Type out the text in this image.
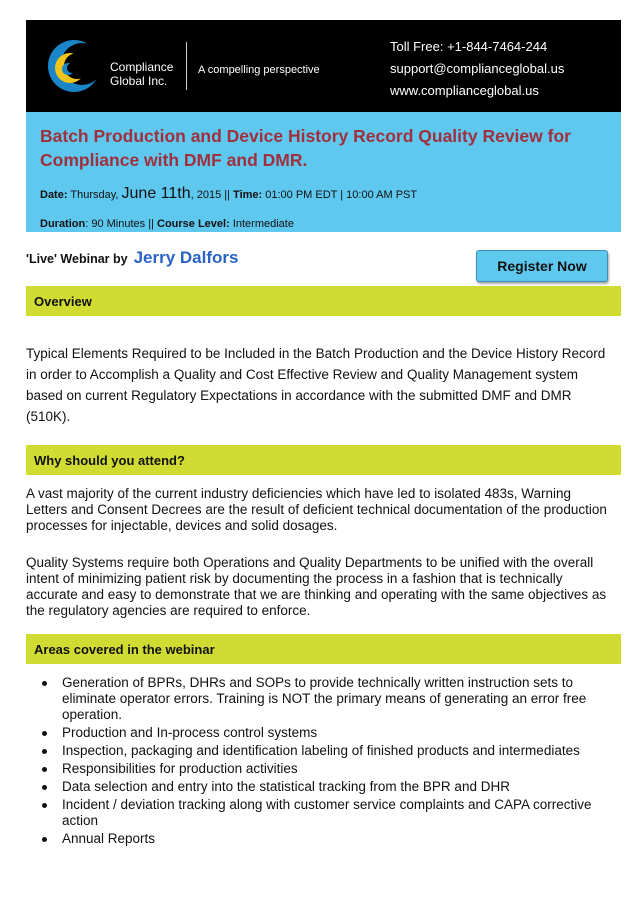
Compliance
Global Inc.
A compelling perspective
Toll Free: +1-844-7464-244
support@complianceglobal.us
www.complianceglobal.us
Batch Production and Device History Record Quality Review for Compliance with DMF and DMR.
Date: Thursday, June 11th, 2015 || Time: 01:00 PM EDT | 10:00 AM PST
Duration: 90 Minutes || Course Level: Intermediate
'Live' Webinar by Jerry Dalfors	Register Now
Overview
Typical Elements Required to be Included in the Batch Production and the Device History Record in order to Accomplish a Quality and Cost Effective Review and Quality Management system based on current Regulatory Expectations in accordance with the submitted DMF and DMR (510K).
Why should you attend?
A vast majority of the current industry deficiencies which have led to isolated 483s, Warning Letters and Consent Decrees are the result of deficient technical documentation of the production processes for injectable, devices and solid dosages.
Quality Systems require both Operations and Quality Departments to be unified with the overall intent of minimizing patient risk by documenting the process in a fashion that is technically accurate and easy to demonstrate that we are thinking and operating with the same objectives as the regulatory agencies are required to enforce.
Areas covered in the webinar
Generation of BPRs, DHRs and SOPs to provide technically written instruction sets to eliminate operator errors. Training is NOT the primary means of generating an error free operation.
Production and In-process control systems
Inspection, packaging and identification labeling of finished products and intermediates
Responsibilities for production activities
Data selection and entry into the statistical tracking from the BPR and DHR
Incident / deviation tracking along with customer service complaints and CAPA corrective action
Annual Reports
